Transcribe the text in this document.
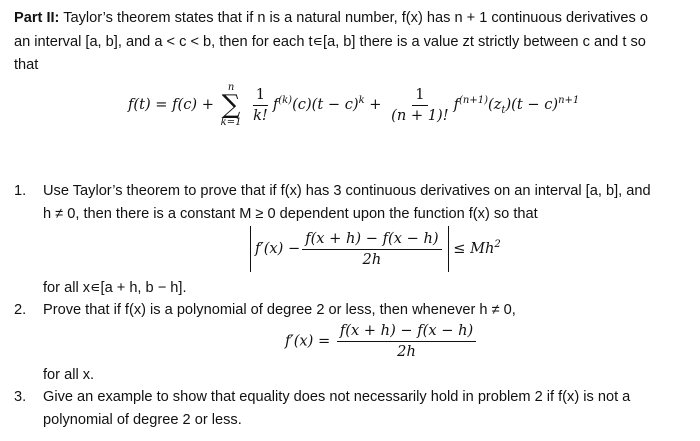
Part II: Taylor’s theorem states that if n is a natural number, f(x) has n + 1 continuous derivatives o
an interval [a, b], and a < c < b, then for each t∊[a, b] there is a value zt strictly between c and t so
that
f(t) = f(c) +
n
∑
k=1
$\frac{1}{k!} f^{(k)}(c)(t - c)^k + \frac{1}{(n + 1)!} f^{(n+1)}(z_t)(t - c)^{n+1}$
1. Use Taylor’s theorem to prove that if f(x) has 3 continuous derivatives on an interval [a, b], and
h ≠ 0, then there is a constant M ≥ 0 dependent upon the function f(x) so that
$f'(x) - \frac{f(x + h) - f(x - h)}{2h} \le Mh^2$
for all x∊[a + h, b − h].
2. Prove that if f(x) is a polynomial of degree 2 or less, then whenever h ≠ 0,
$f'(x) = \frac{f(x + h) - f(x - h)}{2h}$
for all x.
3. Give an example to show that equality does not necessarily hold in problem 2 if f(x) is not a
polynomial of degree 2 or less.
